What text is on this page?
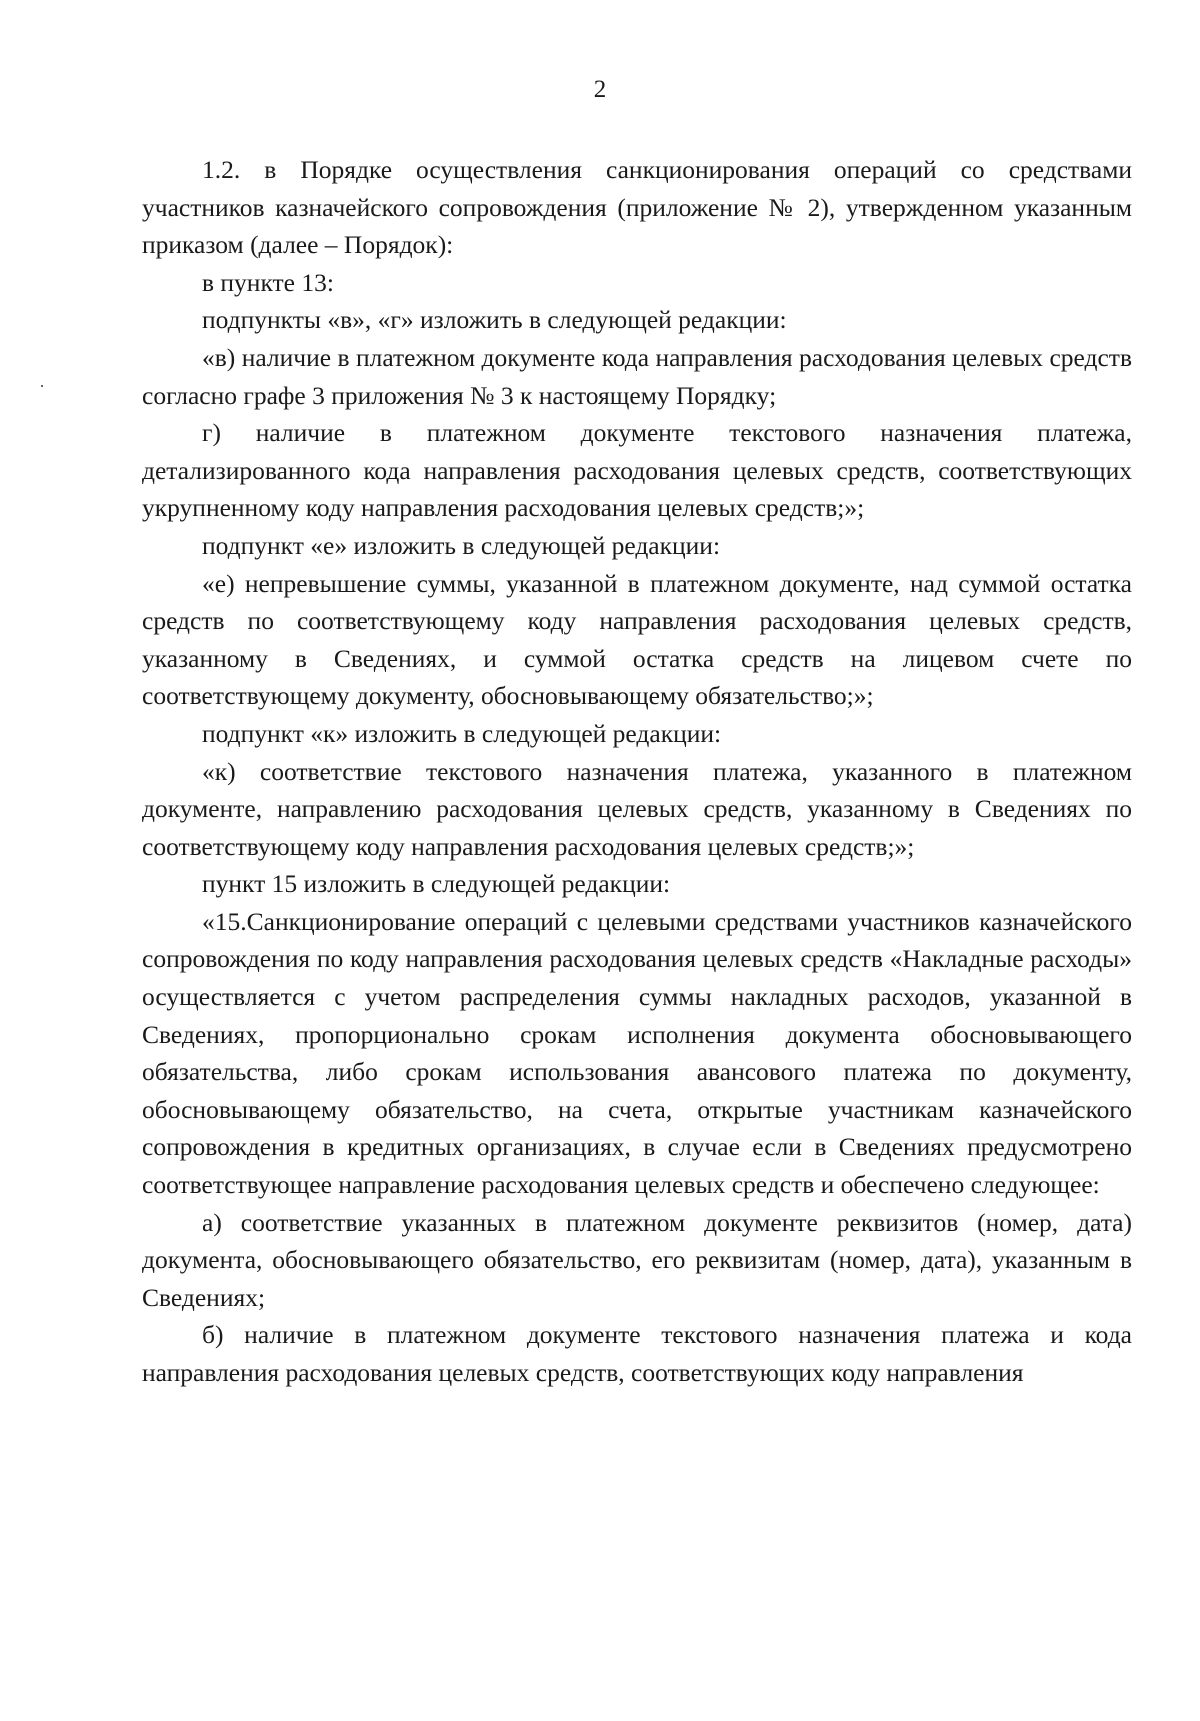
2

1.2. в Порядке осуществления санкционирования операций со средствами участников казначейского сопровождения (приложение № 2), утвержденном указанным приказом (далее – Порядок):

в пункте 13:

подпункты «в», «г» изложить в следующей редакции:

«в) наличие в платежном документе кода направления расходования целевых средств согласно графе 3 приложения № 3 к настоящему Порядку;

г) наличие в платежном документе текстового назначения платежа, детализированного кода направления расходования целевых средств, соответствующих укрупненному коду направления расходования целевых средств;»;

подпункт «е» изложить в следующей редакции:

«е) непревышение суммы, указанной в платежном документе, над суммой остатка средств по соответствующему коду направления расходования целевых средств, указанному в Сведениях, и суммой остатка средств на лицевом счете по соответствующему документу, обосновывающему обязательство;»;

подпункт «к» изложить в следующей редакции:

«к) соответствие текстового назначения платежа, указанного в платежном документе, направлению расходования целевых средств, указанному в Сведениях по соответствующему коду направления расходования целевых средств;»;

пункт 15 изложить в следующей редакции:

«15.Санкционирование операций с целевыми средствами участников казначейского сопровождения по коду направления расходования целевых средств «Накладные расходы» осуществляется с учетом распределения суммы накладных расходов, указанной в Сведениях, пропорционально срокам исполнения документа обосновывающего обязательства, либо срокам использования авансового платежа по документу, обосновывающему обязательство, на счета, открытые участникам казначейского сопровождения в кредитных организациях, в случае если в Сведениях предусмотрено соответствующее направление расходования целевых средств и обеспечено следующее:

а) соответствие указанных в платежном документе реквизитов (номер, дата) документа, обосновывающего обязательство, его реквизитам (номер, дата), указанным в Сведениях;

б) наличие в платежном документе текстового назначения платежа и кода направления расходования целевых средств, соответствующих коду направления
